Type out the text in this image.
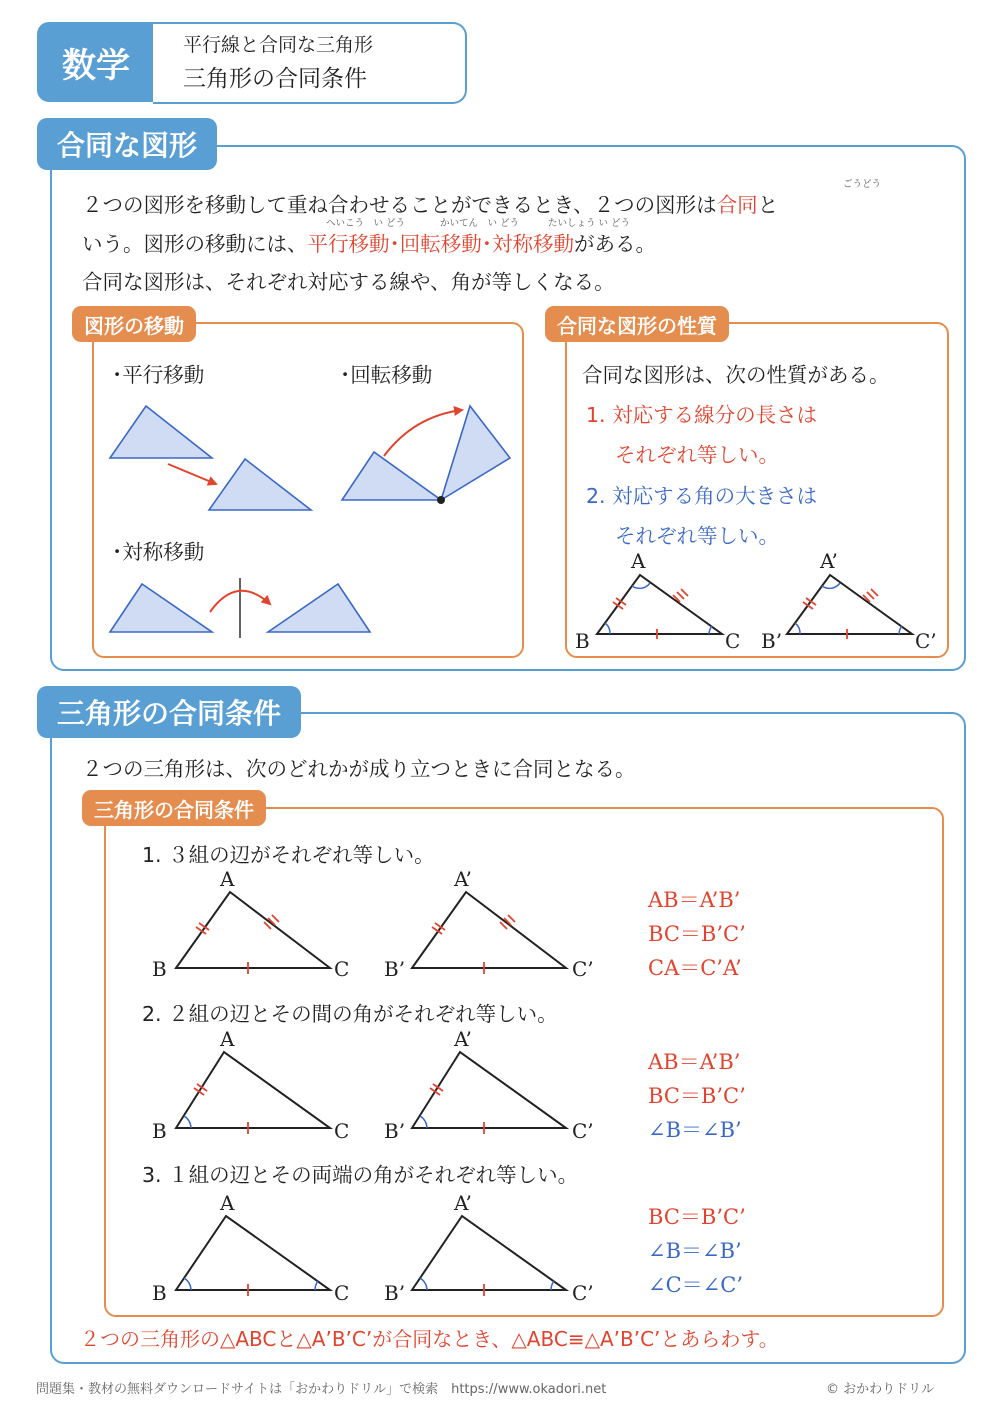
数学
平行線と合同な三角形
三角形の合同条件
合同な図形
ごうどう
２つの図形を移動して重ね合わせることができるとき、２つの図形は合同と
へいこう　い どう	かいてん　い どう	たいしょう い どう
いう。図形の移動には、平行移動･回転移動･対称移動がある。
合同な図形は、それぞれ対応する線や、角が等しくなる。
図形の移動
･平行移動	･回転移動
･対称移動
合同な図形の性質
合同な図形は、次の性質がある。
1. 対応する線分の長さは
それぞれ等しい。
2. 対応する角の大きさは
それぞれ等しい。
A
B	C
A’
B’	C’
三角形の合同条件
２つの三角形は、次のどれかが成り立つときに合同となる。
三角形の合同条件
1. ３組の辺がそれぞれ等しい。
2. ２組の辺とその間の角がそれぞれ等しい。
3. １組の辺とその両端の角がそれぞれ等しい。
AB＝A’B’
BC＝B’C’
CA＝C’A’
AB＝A’B’
BC＝B’C’
∠B＝∠B’
BC＝B’C’
∠B＝∠B’
∠C＝∠C’
A
B	C
A’
B’	C’
A
B	C
A’
B’	C’
A
B	C
A’
B’	C’
２つの三角形の△ABCと△A’B’C’が合同なとき、△ABC≡△A’B’C’とあらわす。
問題集・教材の無料ダウンロードサイトは「おかわりドリル」で検索　https://www.okadori.net	© おかわりドリル
